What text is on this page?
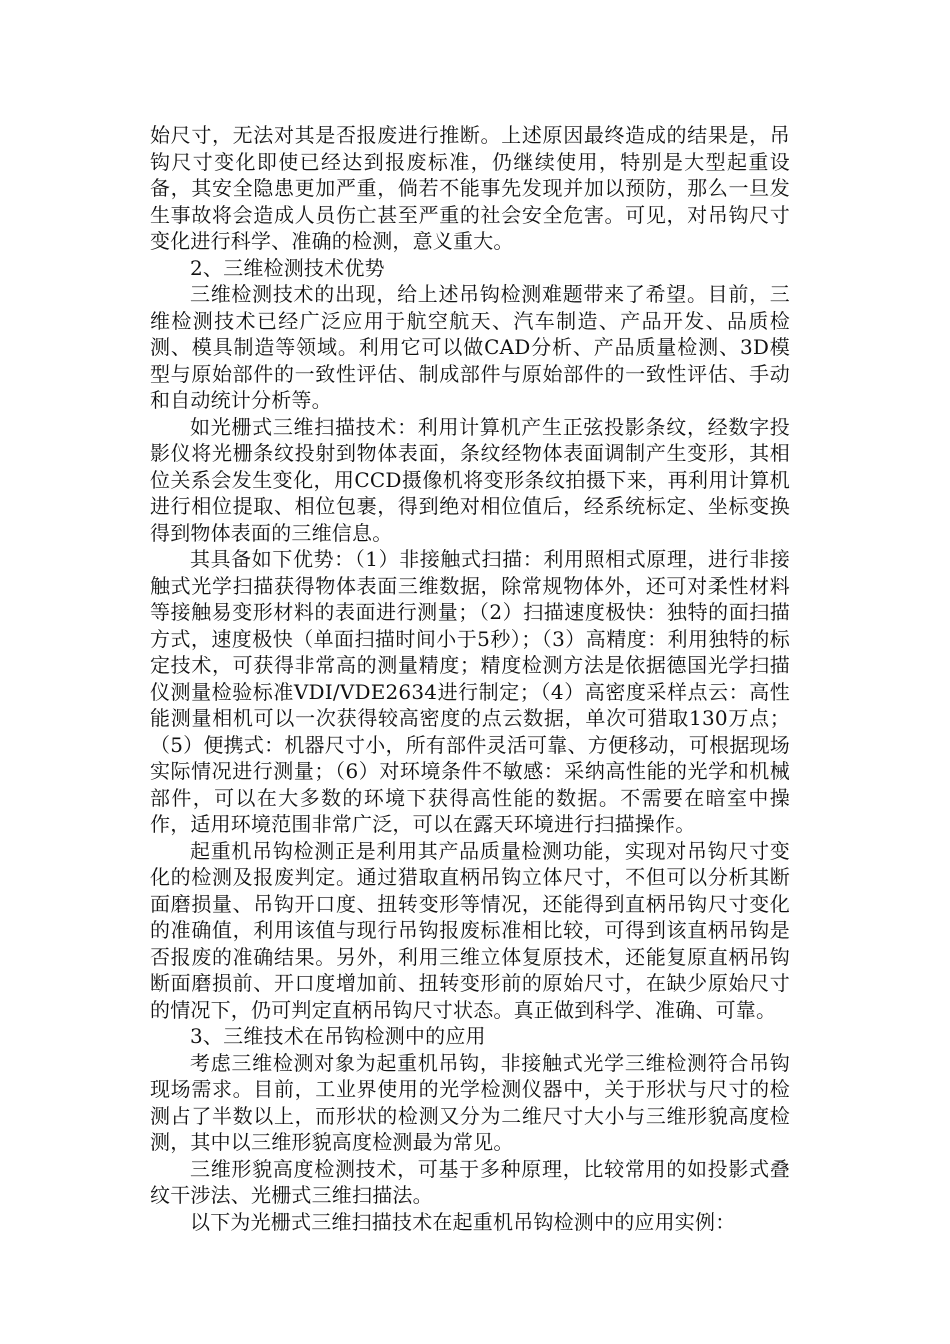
始尺寸，无法对其是否报废进行推断。上述原因最终造成的结果是，吊钩尺寸变化即使已经达到报废标准，仍继续使用，特别是大型起重设备，其安全隐患更加严重，倘若不能事先发现并加以预防，那么一旦发生事故将会造成人员伤亡甚至严重的社会安全危害。可见，对吊钩尺寸变化进行科学、准确的检测，意义重大。

2、三维检测技术优势

三维检测技术的出现，给上述吊钩检测难题带来了希望。目前，三维检测技术已经广泛应用于航空航天、汽车制造、产品开发、品质检测、模具制造等领域。利用它可以做CAD分析、产品质量检测、3D模型与原始部件的一致性评估、制成部件与原始部件的一致性评估、手动和自动统计分析等。

如光栅式三维扫描技术：利用计算机产生正弦投影条纹，经数字投影仪将光栅条纹投射到物体表面，条纹经物体表面调制产生变形，其相位关系会发生变化，用CCD摄像机将变形条纹拍摄下来，再利用计算机进行相位提取、相位包裹，得到绝对相位值后，经系统标定、坐标变换得到物体表面的三维信息。

其具备如下优势：（1）非接触式扫描：利用照相式原理，进行非接触式光学扫描获得物体表面三维数据，除常规物体外，还可对柔性材料等接触易变形材料的表面进行测量；（2）扫描速度极快：独特的面扫描方式，速度极快（单面扫描时间小于5秒）；（3）高精度：利用独特的标定技术，可获得非常高的测量精度；精度检测方法是依据德国光学扫描仪测量检验标准VDI/VDE2634进行制定；（4）高密度采样点云：高性能测量相机可以一次获得较高密度的点云数据，单次可猎取130万点；（5）便携式：机器尺寸小，所有部件灵活可靠、方便移动，可根据现场实际情况进行测量；（6）对环境条件不敏感：采纳高性能的光学和机械部件，可以在大多数的环境下获得高性能的数据。不需要在暗室中操作，适用环境范围非常广泛，可以在露天环境进行扫描操作。

起重机吊钩检测正是利用其产品质量检测功能，实现对吊钩尺寸变化的检测及报废判定。通过猎取直柄吊钩立体尺寸，不但可以分析其断面磨损量、吊钩开口度、扭转变形等情况，还能得到直柄吊钩尺寸变化的准确值，利用该值与现行吊钩报废标准相比较，可得到该直柄吊钩是否报废的准确结果。另外，利用三维立体复原技术，还能复原直柄吊钩断面磨损前、开口度增加前、扭转变形前的原始尺寸，在缺少原始尺寸的情况下，仍可判定直柄吊钩尺寸状态。真正做到科学、准确、可靠。

3、三维技术在吊钩检测中的应用

考虑三维检测对象为起重机吊钩，非接触式光学三维检测符合吊钩现场需求。目前，工业界使用的光学检测仪器中，关于形状与尺寸的检测占了半数以上，而形状的检测又分为二维尺寸大小与三维形貌高度检测，其中以三维形貌高度检测最为常见。

三维形貌高度检测技术，可基于多种原理，比较常用的如投影式叠纹干涉法、光栅式三维扫描法。

以下为光栅式三维扫描技术在起重机吊钩检测中的应用实例：
